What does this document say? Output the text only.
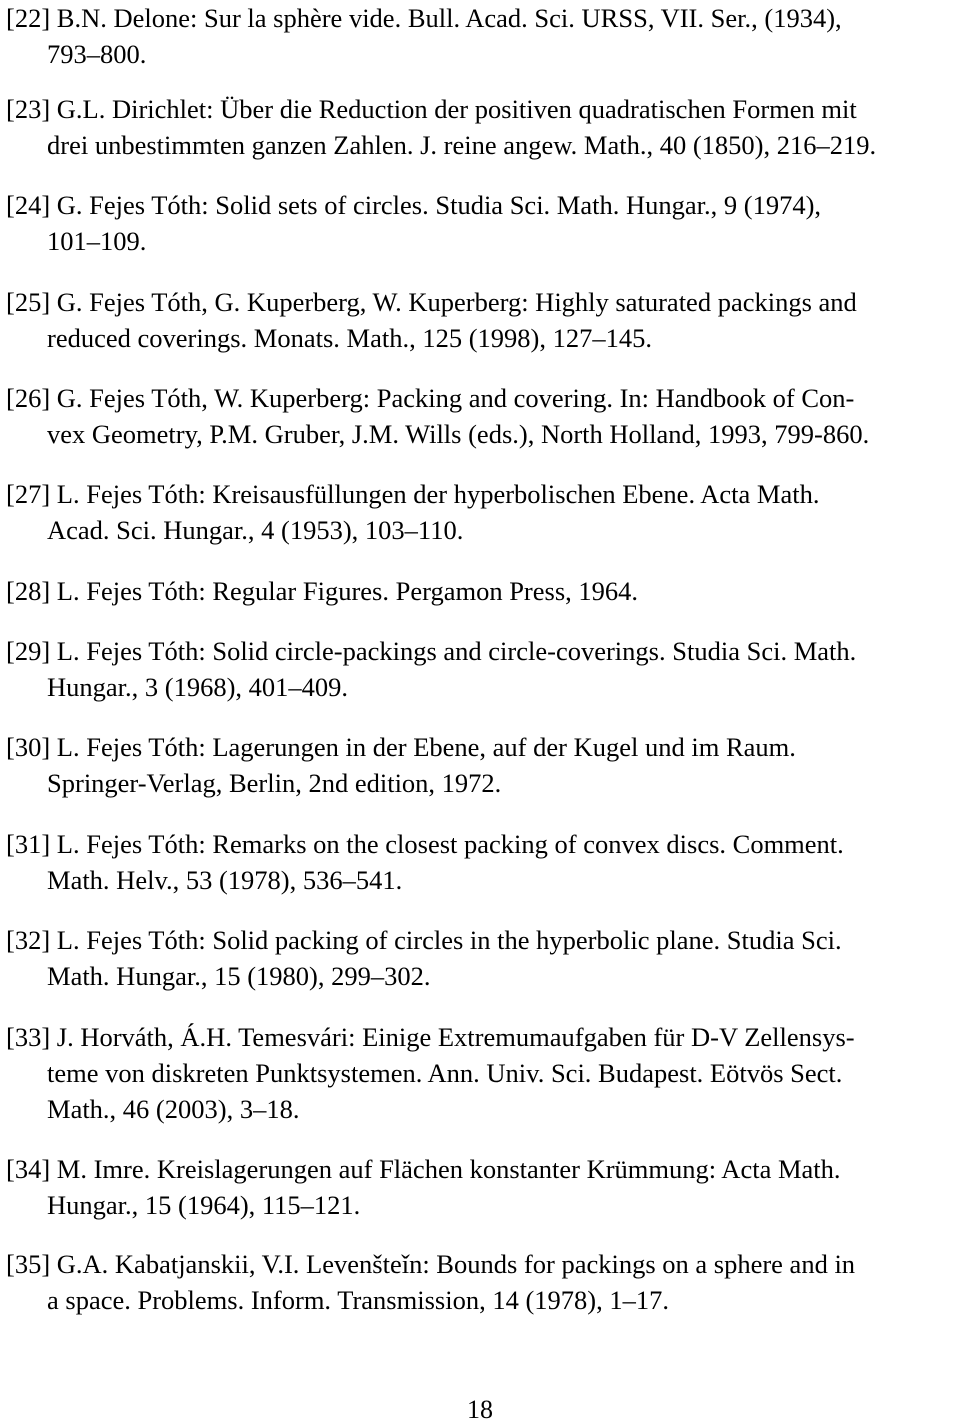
[22] B.N. Delone: Sur la sphère vide. Bull. Acad. Sci. URSS, VII. Ser., (1934),
793–800.
[23] G.L. Dirichlet: Über die Reduction der positiven quadratischen Formen mit
drei unbestimmten ganzen Zahlen. J. reine angew. Math., 40 (1850), 216–219.
[24] G. Fejes Tóth: Solid sets of circles. Studia Sci. Math. Hungar., 9 (1974),
101–109.
[25] G. Fejes Tóth, G. Kuperberg, W. Kuperberg: Highly saturated packings and
reduced coverings. Monats. Math., 125 (1998), 127–145.
[26] G. Fejes Tóth, W. Kuperberg: Packing and covering. In: Handbook of Con-
vex Geometry, P.M. Gruber, J.M. Wills (eds.), North Holland, 1993, 799-860.
[27] L. Fejes Tóth: Kreisausfüllungen der hyperbolischen Ebene. Acta Math.
Acad. Sci. Hungar., 4 (1953), 103–110.
[28] L. Fejes Tóth: Regular Figures. Pergamon Press, 1964.
[29] L. Fejes Tóth: Solid circle-packings and circle-coverings. Studia Sci. Math.
Hungar., 3 (1968), 401–409.
[30] L. Fejes Tóth: Lagerungen in der Ebene, auf der Kugel und im Raum.
Springer-Verlag, Berlin, 2nd edition, 1972.
[31] L. Fejes Tóth: Remarks on the closest packing of convex discs. Comment.
Math. Helv., 53 (1978), 536–541.
[32] L. Fejes Tóth: Solid packing of circles in the hyperbolic plane. Studia Sci.
Math. Hungar., 15 (1980), 299–302.
[33] J. Horváth, Á.H. Temesvári: Einige Extremumaufgaben für D-V Zellensys-
teme von diskreten Punktsystemen. Ann. Univ. Sci. Budapest. Eötvös Sect.
Math., 46 (2003), 3–18.
[34] M. Imre. Kreislagerungen auf Flächen konstanter Krümmung: Acta Math.
Hungar., 15 (1964), 115–121.
[35] G.A. Kabatjanskii, V.I. Levenšteǐn: Bounds for packings on a sphere and in
a space. Problems. Inform. Transmission, 14 (1978), 1–17.
18
